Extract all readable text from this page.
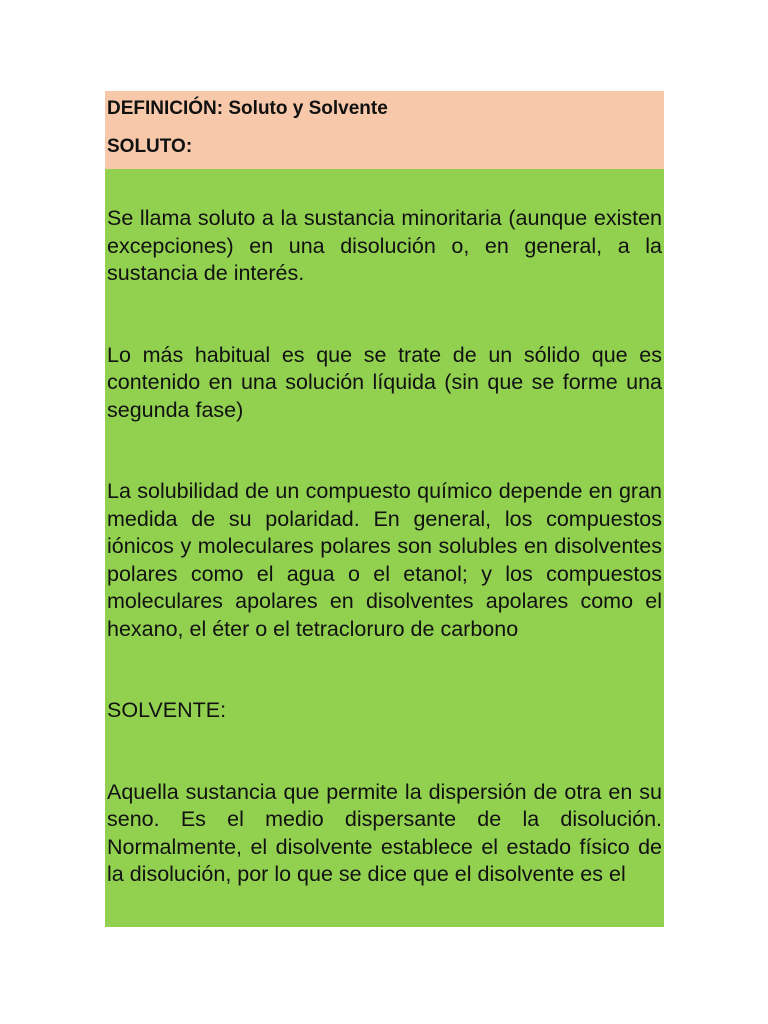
DEFINICIÓN: Soluto y Solvente

SOLUTO:

Se llama soluto a la sustancia minoritaria (aunque existen excepciones) en una disolución o, en general, a la sustancia de interés.

Lo más habitual es que se trate de un sólido que es contenido en una solución líquida (sin que se forme una segunda fase)

La solubilidad de un compuesto químico depende en gran medida de su polaridad. En general, los compuestos iónicos y moleculares polares son solubles en disolventes polares como el agua o el etanol; y los compuestos moleculares apolares en disolventes apolares como el hexano, el éter o el tetracloruro de carbono

SOLVENTE:

Aquella sustancia que permite la dispersión de otra en su seno. Es el medio dispersante de la disolución. Normalmente, el disolvente establece el estado físico de la disolución, por lo que se dice que el disolvente es el
